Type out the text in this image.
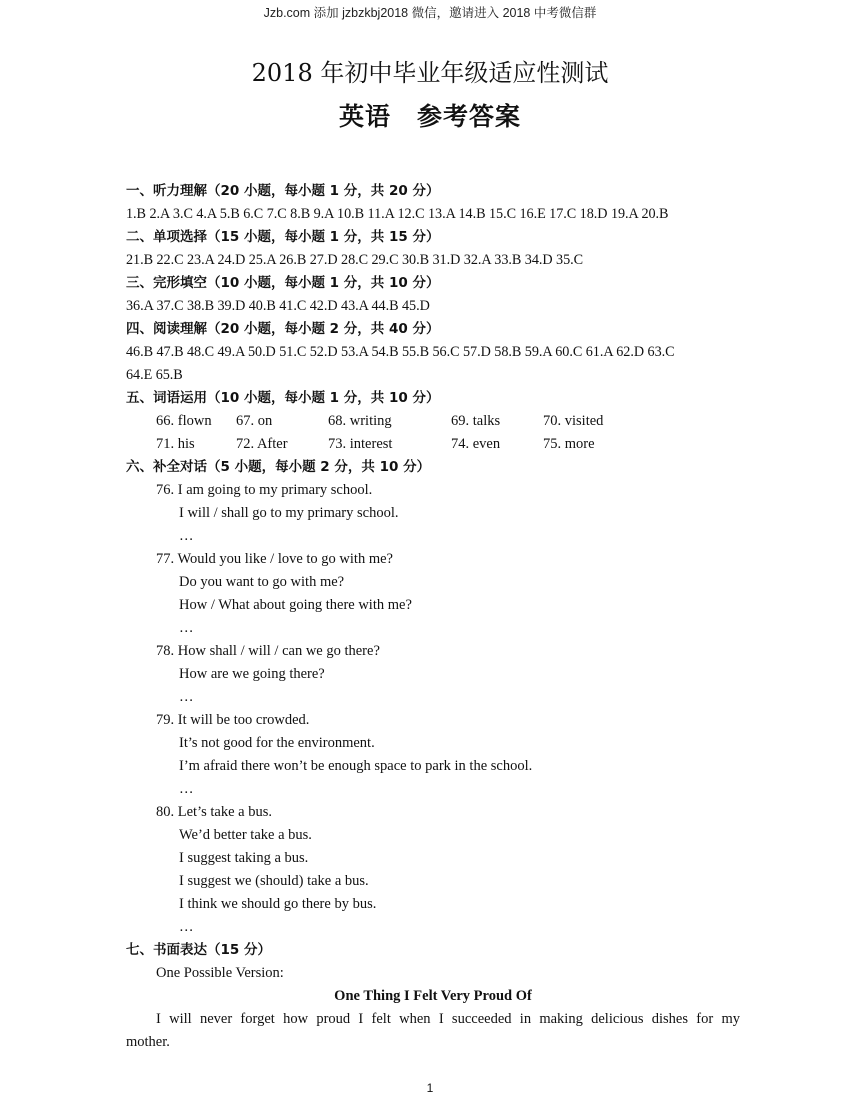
Jzb.com 添加 jzbzkbj2018 微信，邀请进入 2018 中考微信群
2018 年初中毕业年级适应性测试
英语 参考答案
一、听力理解（20 小题，每小题 1 分，共 20 分）
1.B 2.A 3.C 4.A 5.B 6.C 7.C 8.B 9.A 10.B 11.A 12.C 13.A 14.B 15.C 16.E 17.C 18.D 19.A 20.B
二、单项选择（15 小题，每小题 1 分，共 15 分）
21.B 22.C 23.A 24.D 25.A 26.B 27.D 28.C 29.C 30.B 31.D 32.A 33.B 34.D 35.C
三、完形填空（10 小题，每小题 1 分，共 10 分）
36.A 37.C 38.B 39.D 40.B 41.C 42.D 43.A 44.B 45.D
四、阅读理解（20 小题，每小题 2 分，共 40 分）
46.B 47.B 48.C 49.A 50.D 51.C 52.D 53.A 54.B 55.B 56.C 57.D 58.B 59.A 60.C 61.A 62.D 63.C
64.E 65.B
五、词语运用（10 小题，每小题 1 分，共 10 分）
66. flown	67. on	68. writing	69. talks	70. visited
71. his	72. After	73. interest	74. even	75. more
六、补全对话（5 小题，每小题 2 分，共 10 分）
76. I am going to my primary school.
I will / shall go to my primary school.
…
77. Would you like / love to go with me?
Do you want to go with me?
How / What about going there with me?
…
78. How shall / will / can we go there?
How are we going there?
…
79. It will be too crowded.
It’s not good for the environment.
I’m afraid there won’t be enough space to park in the school.
…
80. Let’s take a bus.
We’d better take a bus.
I suggest taking a bus.
I suggest we (should) take a bus.
I think we should go there by bus.
…
七、书面表达（15 分）
One Possible Version:
One Thing I Felt Very Proud Of
I will never forget how proud I felt when I succeeded in making delicious dishes for my
mother.
1
